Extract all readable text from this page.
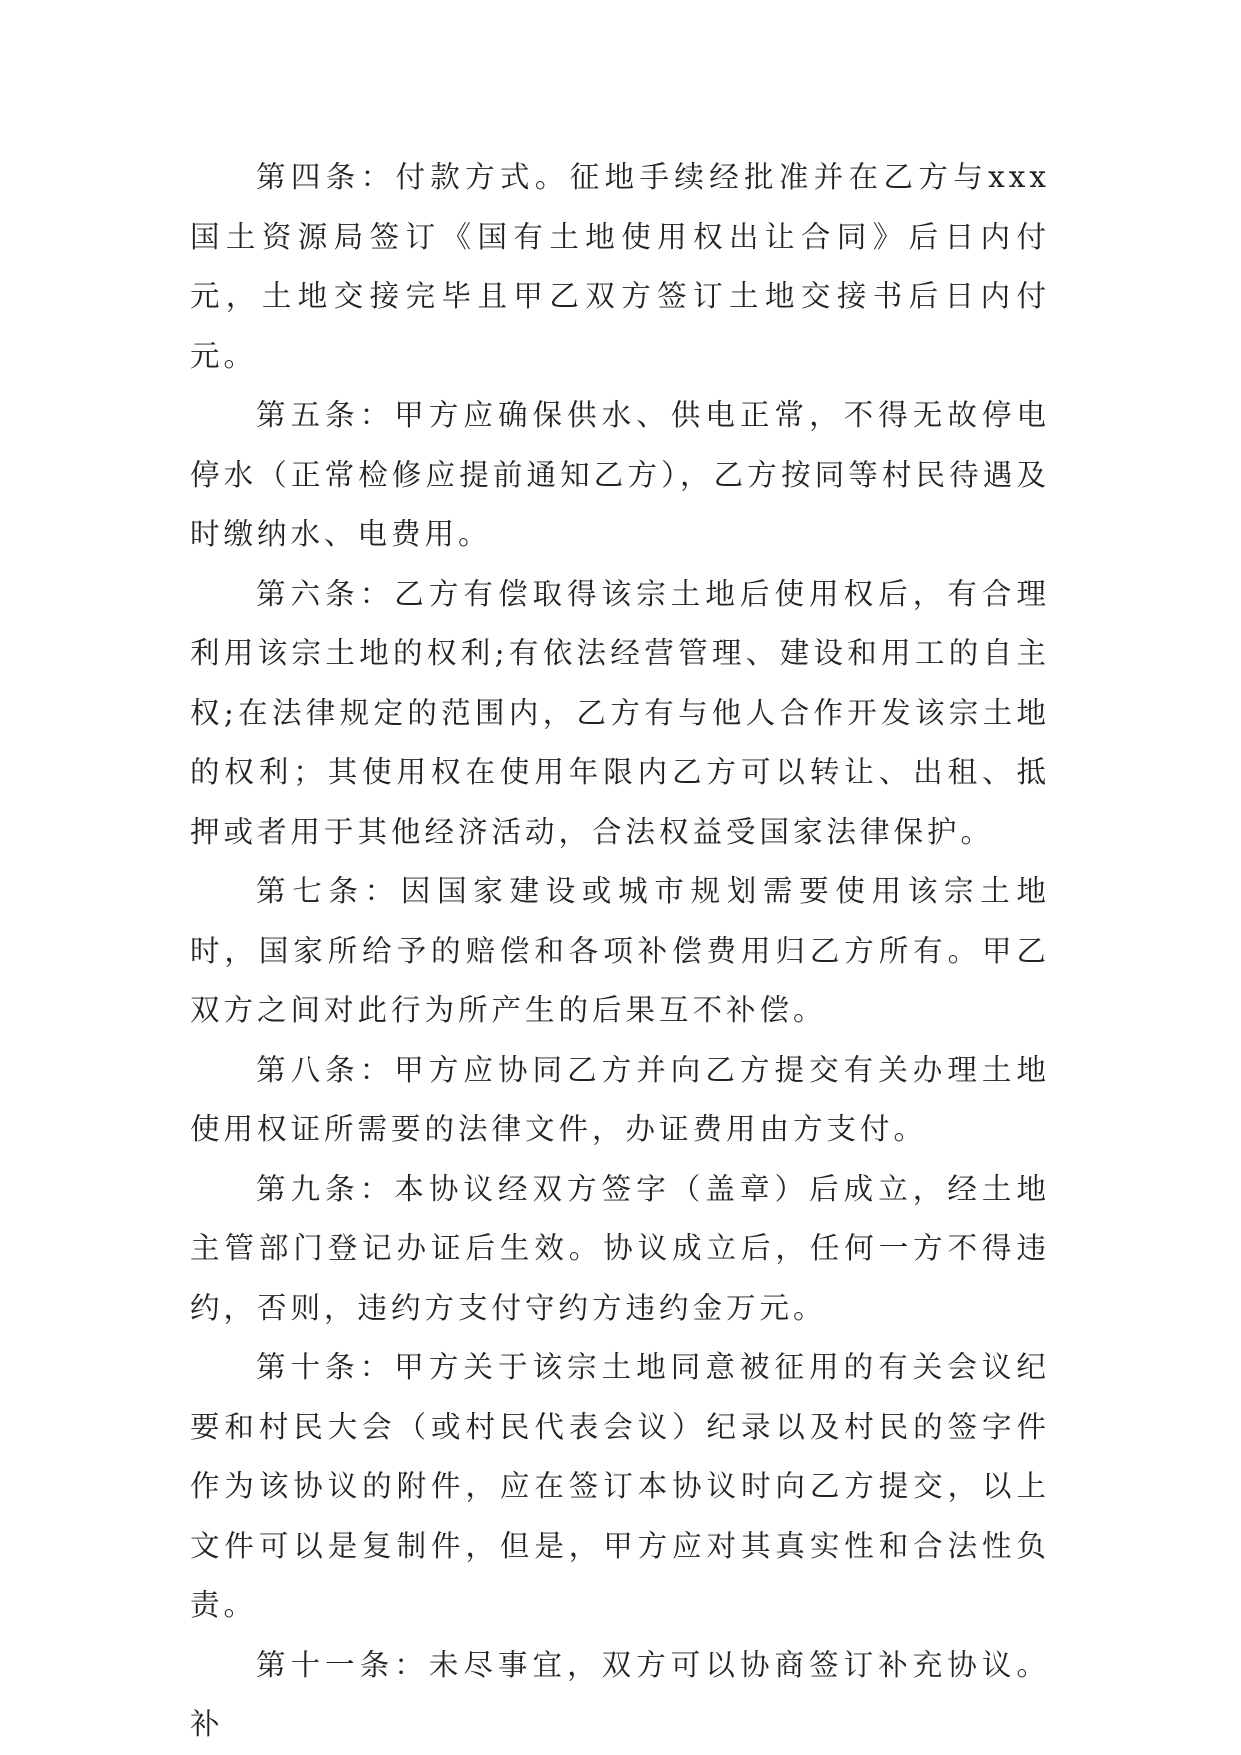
第四条：付款方式。征地手续经批准并在乙方与xxx国土资源局签订《国有土地使用权出让合同》后日内付元，土地交接完毕且甲乙双方签订土地交接书后日内付元。

第五条：甲方应确保供水、供电正常，不得无故停电停水（正常检修应提前通知乙方），乙方按同等村民待遇及时缴纳水、电费用。

第六条：乙方有偿取得该宗土地后使用权后，有合理利用该宗土地的权利;有依法经营管理、建设和用工的自主权;在法律规定的范围内，乙方有与他人合作开发该宗土地的权利；其使用权在使用年限内乙方可以转让、出租、抵押或者用于其他经济活动，合法权益受国家法律保护。

第七条：因国家建设或城市规划需要使用该宗土地时，国家所给予的赔偿和各项补偿费用归乙方所有。甲乙双方之间对此行为所产生的后果互不补偿。

第八条：甲方应协同乙方并向乙方提交有关办理土地使用权证所需要的法律文件，办证费用由方支付。

第九条：本协议经双方签字（盖章）后成立，经土地主管部门登记办证后生效。协议成立后，任何一方不得违约，否则，违约方支付守约方违约金万元。

第十条：甲方关于该宗土地同意被征用的有关会议纪要和村民大会（或村民代表会议）纪录以及村民的签字件作为该协议的附件，应在签订本协议时向乙方提交，以上文件可以是复制件，但是，甲方应对其真实性和合法性负责。

第十一条：未尽事宜，双方可以协商签订补充协议。补
